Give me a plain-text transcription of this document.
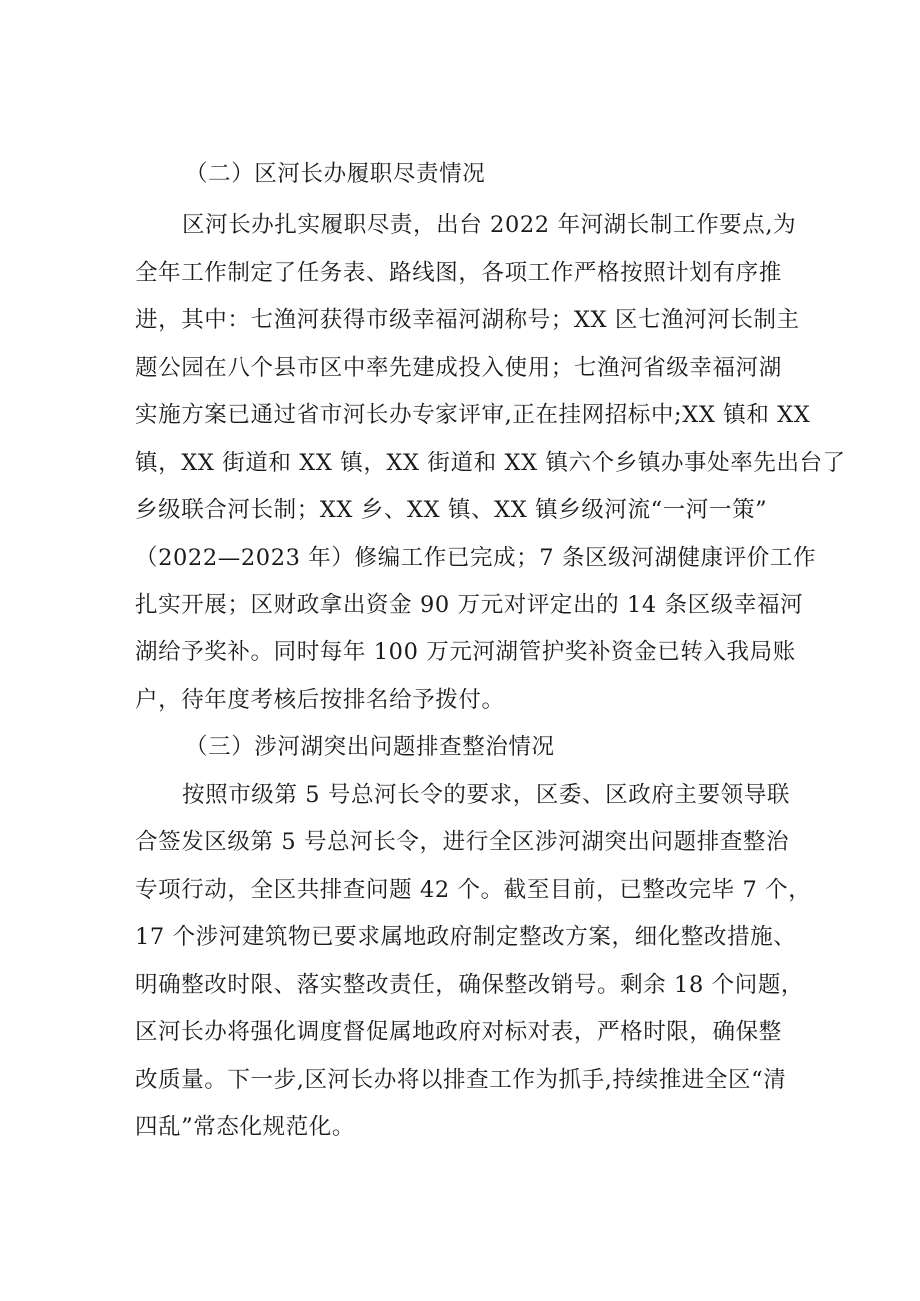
（二）区河长办履职尽责情况
区河长办扎实履职尽责，出台 2022 年河湖长制工作要点,为
全年工作制定了任务表、路线图，各项工作严格按照计划有序推
进，其中：七渔河获得市级幸福河湖称号；XX 区七渔河河长制主
题公园在八个县市区中率先建成投入使用；七渔河省级幸福河湖
实施方案已通过省市河长办专家评审,正在挂网招标中;XX 镇和 XX
镇，XX 街道和 XX 镇，XX 街道和 XX 镇六个乡镇办事处率先出台了
乡级联合河长制；XX 乡、XX 镇、XX 镇乡级河流“一河一策”
（2022—2023 年）修编工作已完成；7 条区级河湖健康评价工作
扎实开展；区财政拿出资金 90 万元对评定出的 14 条区级幸福河
湖给予奖补。同时每年 100 万元河湖管护奖补资金已转入我局账
户，待年度考核后按排名给予拨付。
（三）涉河湖突出问题排查整治情况
按照市级第 5 号总河长令的要求，区委、区政府主要领导联
合签发区级第 5 号总河长令，进行全区涉河湖突出问题排查整治
专项行动，全区共排查问题 42 个。截至目前，已整改完毕 7 个，
17 个涉河建筑物已要求属地政府制定整改方案，细化整改措施、
明确整改时限、落实整改责任，确保整改销号。剩余 18 个问题，
区河长办将强化调度督促属地政府对标对表，严格时限，确保整
改质量。下一步,区河长办将以排查工作为抓手,持续推进全区“清
四乱”常态化规范化。
